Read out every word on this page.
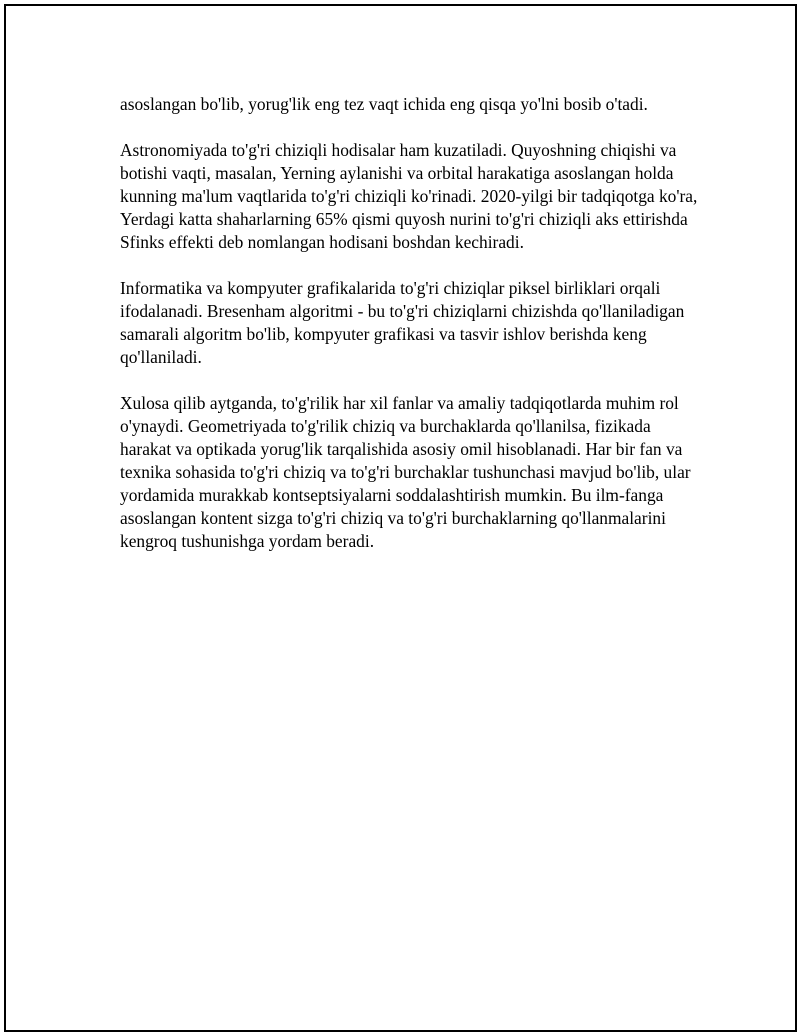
asoslangan bo'lib, yorug'lik eng tez vaqt ichida eng qisqa yo'lni bosib o'tadi.

Astronomiyada to'g'ri chiziqli hodisalar ham kuzatiladi. Quyoshning chiqishi va botishi vaqti, masalan, Yerning aylanishi va orbital harakatiga asoslangan holda kunning ma'lum vaqtlarida to'g'ri chiziqli ko'rinadi. 2020-yilgi bir tadqiqotga ko'ra, Yerdagi katta shaharlarning 65% qismi quyosh nurini to'g'ri chiziqli aks ettirishda Sfinks effekti deb nomlangan hodisani boshdan kechiradi.

Informatika va kompyuter grafikalarida to'g'ri chiziqlar piksel birliklari orqali ifodalanadi. Bresenham algoritmi - bu to'g'ri chiziqlarni chizishda qo'llaniladigan samarali algoritm bo'lib, kompyuter grafikasi va tasvir ishlov berishda keng qo'llaniladi.

Xulosa qilib aytganda, to'g'rilik har xil fanlar va amaliy tadqiqotlarda muhim rol o'ynaydi. Geometriyada to'g'rilik chiziq va burchaklarda qo'llanilsa, fizikada harakat va optikada yorug'lik tarqalishida asosiy omil hisoblanadi. Har bir fan va texnika sohasida to'g'ri chiziq va to'g'ri burchaklar tushunchasi mavjud bo'lib, ular yordamida murakkab kontseptsiyalarni soddalashtirish mumkin. Bu ilm-fanga asoslangan kontent sizga to'g'ri chiziq va to'g'ri burchaklarning qo'llanmalarini kengroq tushunishga yordam beradi.
